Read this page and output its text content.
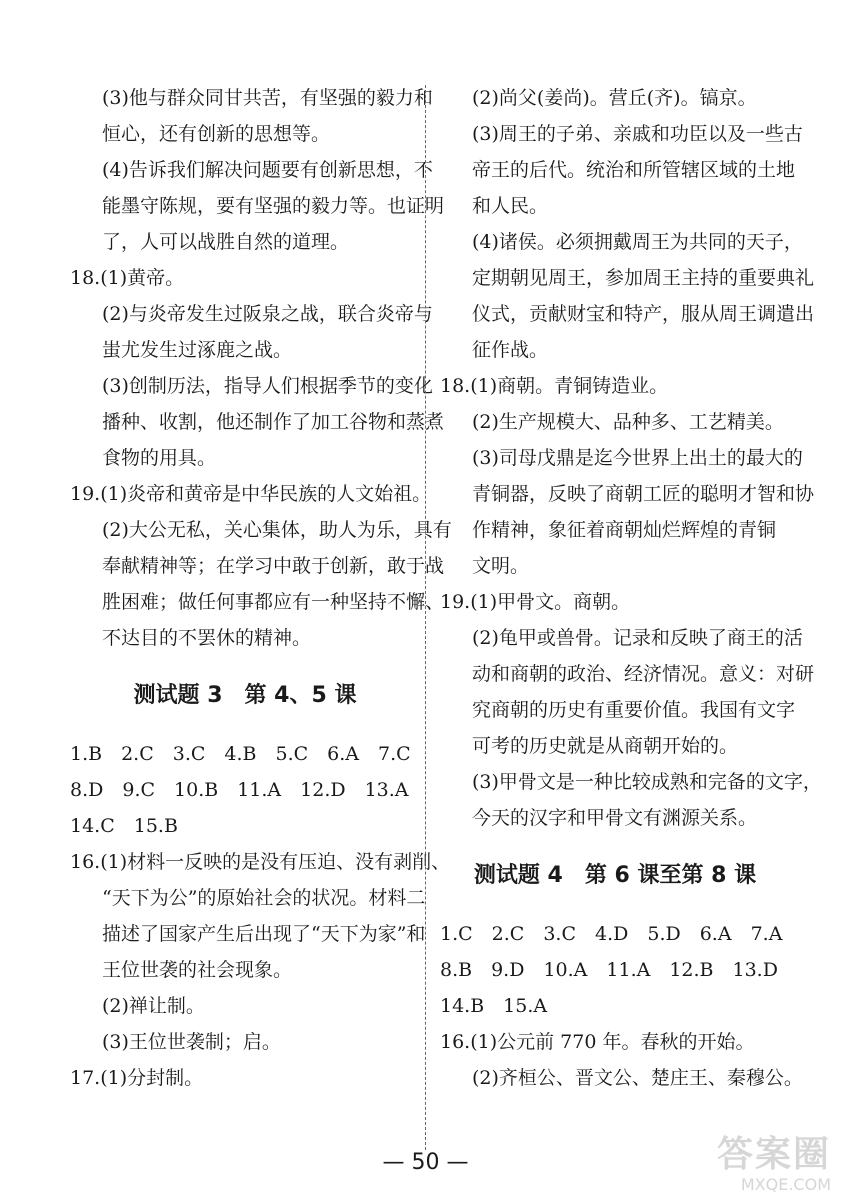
(3)他与群众同甘共苦，有坚强的毅力和
恒心，还有创新的思想等。
(4)告诉我们解决问题要有创新思想，不
能墨守陈规，要有坚强的毅力等。也证明
了，人可以战胜自然的道理。
18.(1)黄帝。
(2)与炎帝发生过阪泉之战，联合炎帝与
蚩尤发生过涿鹿之战。
(3)创制历法，指导人们根据季节的变化
播种、收割，他还制作了加工谷物和蒸煮
食物的用具。
19.(1)炎帝和黄帝是中华民族的人文始祖。
(2)大公无私，关心集体，助人为乐，具有
奉献精神等；在学习中敢于创新，敢于战
胜困难；做任何事都应有一种坚持不懈、
不达目的不罢休的精神。
测试题 3　第 4、5 课
1.B　2.C　3.C　4.B　5.C　6.A　7.C
8.D　9.C　10.B　11.A　12.D　13.A
14.C　15.B
16.(1)材料一反映的是没有压迫、没有剥削、
“天下为公”的原始社会的状况。材料二
描述了国家产生后出现了“天下为家”和
王位世袭的社会现象。
(2)禅让制。
(3)王位世袭制；启。
17.(1)分封制。
(2)尚父(姜尚)。营丘(齐)。镐京。
(3)周王的子弟、亲戚和功臣以及一些古
帝王的后代。统治和所管辖区域的土地
和人民。
(4)诸侯。必须拥戴周王为共同的天子，
定期朝见周王，参加周王主持的重要典礼
仪式，贡献财宝和特产，服从周王调遣出
征作战。
18.(1)商朝。青铜铸造业。
(2)生产规模大、品种多、工艺精美。
(3)司母戊鼎是迄今世界上出土的最大的
青铜器，反映了商朝工匠的聪明才智和协
作精神，象征着商朝灿烂辉煌的青铜
文明。
19.(1)甲骨文。商朝。
(2)龟甲或兽骨。记录和反映了商王的活
动和商朝的政治、经济情况。意义：对研
究商朝的历史有重要价值。我国有文字
可考的历史就是从商朝开始的。
(3)甲骨文是一种比较成熟和完备的文字，
今天的汉字和甲骨文有渊源关系。
测试题 4　第 6 课至第 8 课
1.C　2.C　3.C　4.D　5.D　6.A　7.A
8.B　9.D　10.A　11.A　12.B　13.D
14.B　15.A
16.(1)公元前 770 年。春秋的开始。
(2)齐桓公、晋文公、楚庄王、秦穆公。
— 50 —	答案圈
MXQE.COM
